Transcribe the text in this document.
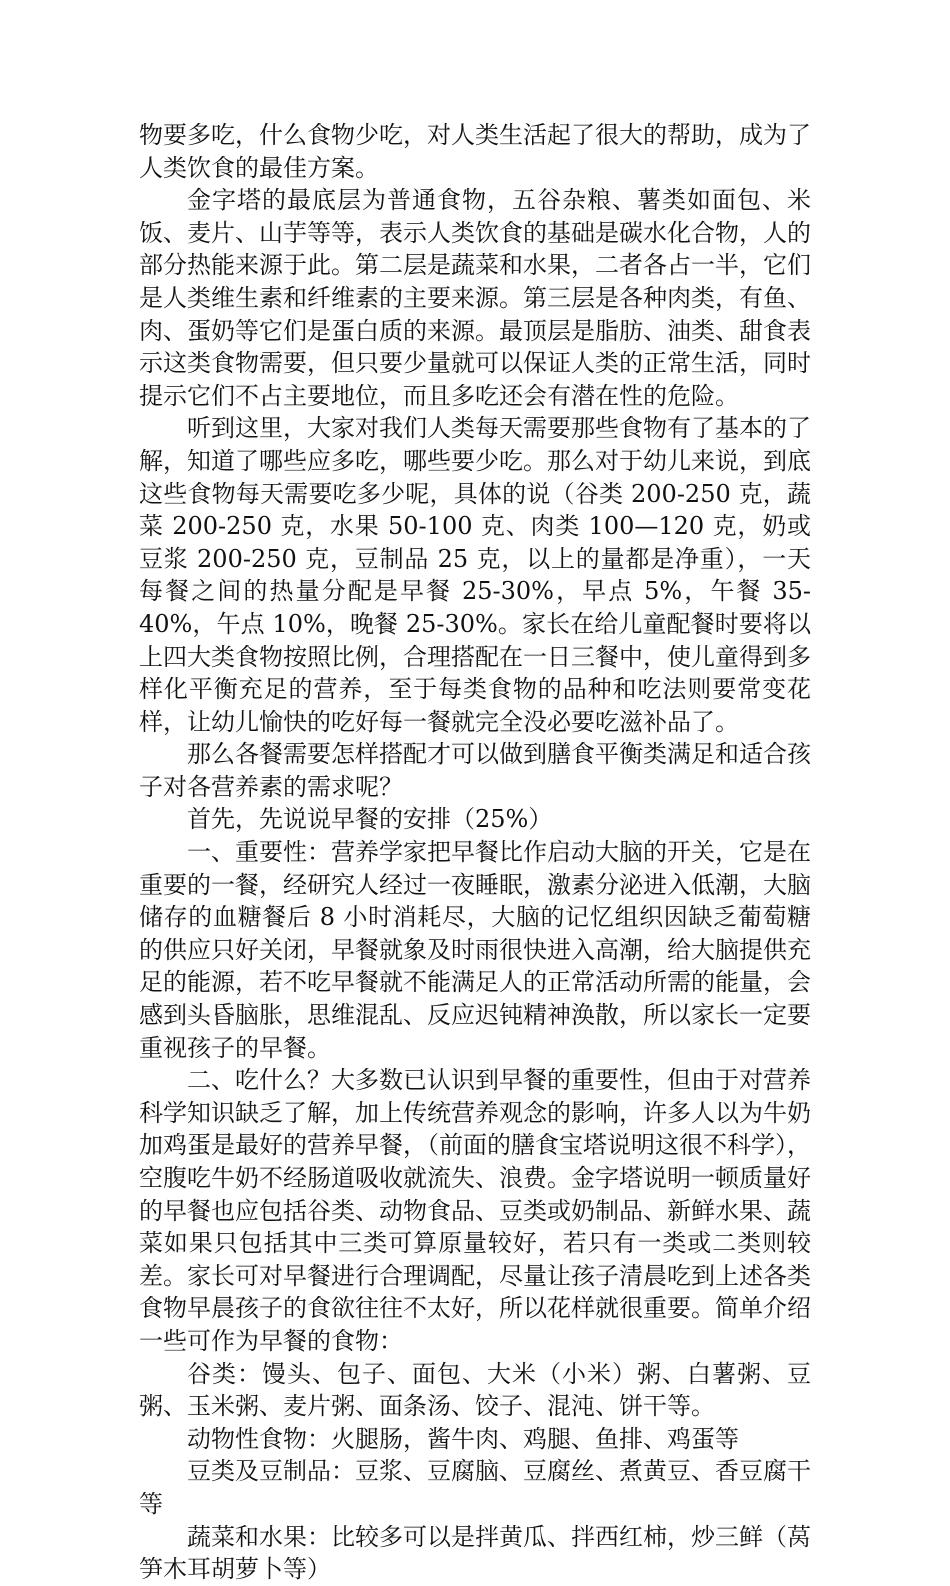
物要多吃，什么食物少吃，对人类生活起了很大的帮助，成为了人类饮食的最佳方案。

金字塔的最底层为普通食物，五谷杂粮、薯类如面包、米饭、麦片、山芋等等，表示人类饮食的基础是碳水化合物，人的部分热能来源于此。第二层是蔬菜和水果，二者各占一半，它们是人类维生素和纤维素的主要来源。第三层是各种肉类，有鱼、肉、蛋奶等它们是蛋白质的来源。最顶层是脂肪、油类、甜食表示这类食物需要，但只要少量就可以保证人类的正常生活，同时提示它们不占主要地位，而且多吃还会有潜在性的危险。

听到这里，大家对我们人类每天需要那些食物有了基本的了解，知道了哪些应多吃，哪些要少吃。那么对于幼儿来说，到底这些食物每天需要吃多少呢，具体的说（谷类 200-250 克，蔬菜 200-250 克，水果 50-100 克、肉类 100—120 克，奶或豆浆 200-250 克，豆制品 25 克，以上的量都是净重），一天每餐之间的热量分配是早餐 25-30%，早点 5%，午餐 35-40%，午点 10%，晚餐 25-30%。家长在给儿童配餐时要将以上四大类食物按照比例，合理搭配在一日三餐中，使儿童得到多样化平衡充足的营养，至于每类食物的品种和吃法则要常变花样，让幼儿愉快的吃好每一餐就完全没必要吃滋补品了。

那么各餐需要怎样搭配才可以做到膳食平衡类满足和适合孩子对各营养素的需求呢？

首先，先说说早餐的安排（25%）

一、重要性：营养学家把早餐比作启动大脑的开关，它是在重要的一餐，经研究人经过一夜睡眠，激素分泌进入低潮，大脑储存的血糖餐后 8 小时消耗尽，大脑的记忆组织因缺乏葡萄糖的供应只好关闭，早餐就象及时雨很快进入高潮，给大脑提供充足的能源，若不吃早餐就不能满足人的正常活动所需的能量，会感到头昏脑胀，思维混乱、反应迟钝精神涣散，所以家长一定要重视孩子的早餐。

二、吃什么？大多数已认识到早餐的重要性，但由于对营养科学知识缺乏了解，加上传统营养观念的影响，许多人以为牛奶加鸡蛋是最好的营养早餐，（前面的膳食宝塔说明这很不科学），空腹吃牛奶不经肠道吸收就流失、浪费。金字塔说明一顿质量好的早餐也应包括谷类、动物食品、豆类或奶制品、新鲜水果、蔬菜如果只包括其中三类可算原量较好，若只有一类或二类则较差。家长可对早餐进行合理调配，尽量让孩子清晨吃到上述各类食物早晨孩子的食欲往往不太好，所以花样就很重要。简单介绍一些可作为早餐的食物：

谷类：馒头、包子、面包、大米（小米）粥、白薯粥、豆粥、玉米粥、麦片粥、面条汤、饺子、混沌、饼干等。

动物性食物：火腿肠，酱牛肉、鸡腿、鱼排、鸡蛋等

豆类及豆制品：豆浆、豆腐脑、豆腐丝、煮黄豆、香豆腐干等

蔬菜和水果：比较多可以是拌黄瓜、拌西红柿，炒三鲜（莴笋木耳胡萝卜等）
